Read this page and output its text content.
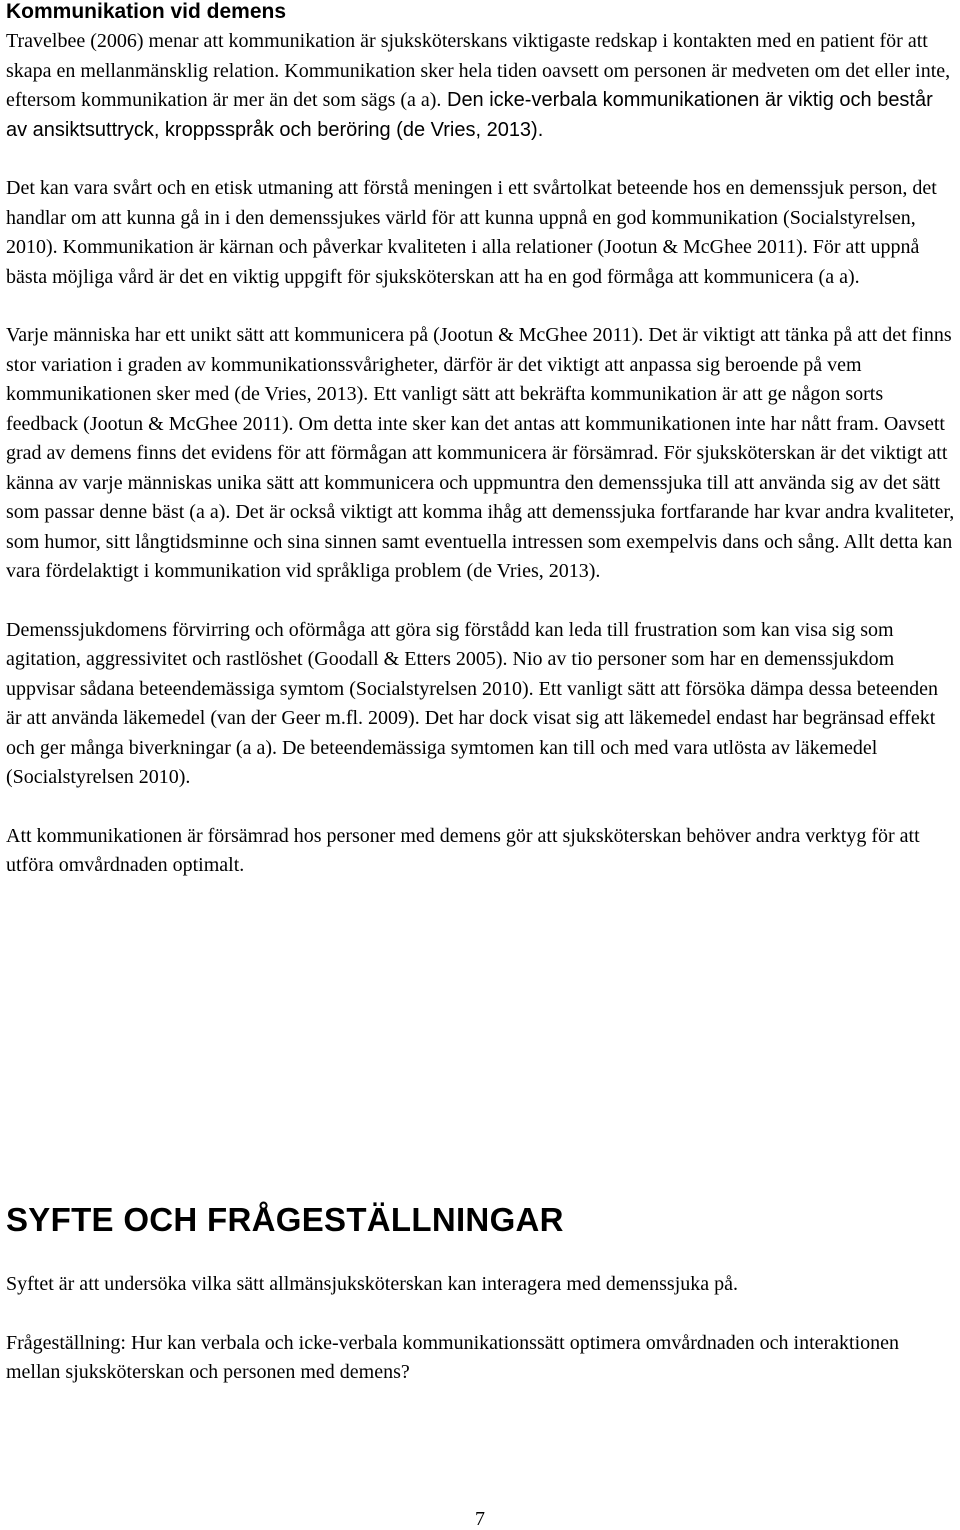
Kommunikation vid demens

Travelbee (2006) menar att kommunikation är sjuksköterskans viktigaste redskap i kontakten med en patient för att skapa en mellanmänsklig relation. Kommunikation sker hela tiden oavsett om personen är medveten om det eller inte, eftersom kommunikation är mer än det som sägs (a a). Den icke-verbala kommunikationen är viktig och består av ansiktsuttryck, kroppsspråk och beröring (de Vries, 2013).

Det kan vara svårt och en etisk utmaning att förstå meningen i ett svårtolkat beteende hos en demenssjuk person, det handlar om att kunna gå in i den demenssjukes värld för att kunna uppnå en god kommunikation (Socialstyrelsen, 2010). Kommunikation är kärnan och påverkar kvaliteten i alla relationer (Jootun & McGhee 2011). För att uppnå bästa möjliga vård är det en viktig uppgift för sjuksköterskan att ha en god förmåga att kommunicera (a a).

Varje människa har ett unikt sätt att kommunicera på (Jootun & McGhee 2011). Det är viktigt att tänka på att det finns stor variation i graden av kommunikationssvårigheter, därför är det viktigt att anpassa sig beroende på vem kommunikationen sker med (de Vries, 2013). Ett vanligt sätt att bekräfta kommunikation är att ge någon sorts feedback (Jootun & McGhee 2011). Om detta inte sker kan det antas att kommunikationen inte har nått fram. Oavsett grad av demens finns det evidens för att förmågan att kommunicera är försämrad. För sjuksköterskan är det viktigt att känna av varje människas unika sätt att kommunicera och uppmuntra den demenssjuka till att använda sig av det sätt som passar denne bäst (a a). Det är också viktigt att komma ihåg att demenssjuka fortfarande har kvar andra kvaliteter, som humor, sitt långtidsminne och sina sinnen samt eventuella intressen som exempelvis dans och sång. Allt detta kan vara fördelaktigt i kommunikation vid språkliga problem (de Vries, 2013).

Demenssjukdomens förvirring och oförmåga att göra sig förstådd kan leda till frustration som kan visa sig som agitation, aggressivitet och rastlöshet (Goodall & Etters 2005). Nio av tio personer som har en demenssjukdom uppvisar sådana beteendemässiga symtom (Socialstyrelsen 2010). Ett vanligt sätt att försöka dämpa dessa beteenden är att använda läkemedel (van der Geer m.fl. 2009). Det har dock visat sig att läkemedel endast har begränsad effekt och ger många biverkningar (a a). De beteendemässiga symtomen kan till och med vara utlösta av läkemedel (Socialstyrelsen 2010).

Att kommunikationen är försämrad hos personer med demens gör att sjuksköterskan behöver andra verktyg för att utföra omvårdnaden optimalt.

SYFTE OCH FRÅGESTÄLLNINGAR

Syftet är att undersöka vilka sätt allmänsjuksköterskan kan interagera med demenssjuka på.

Frågeställning: Hur kan verbala och icke-verbala kommunikationssätt optimera omvårdnaden och interaktionen mellan sjuksköterskan och personen med demens?

7
